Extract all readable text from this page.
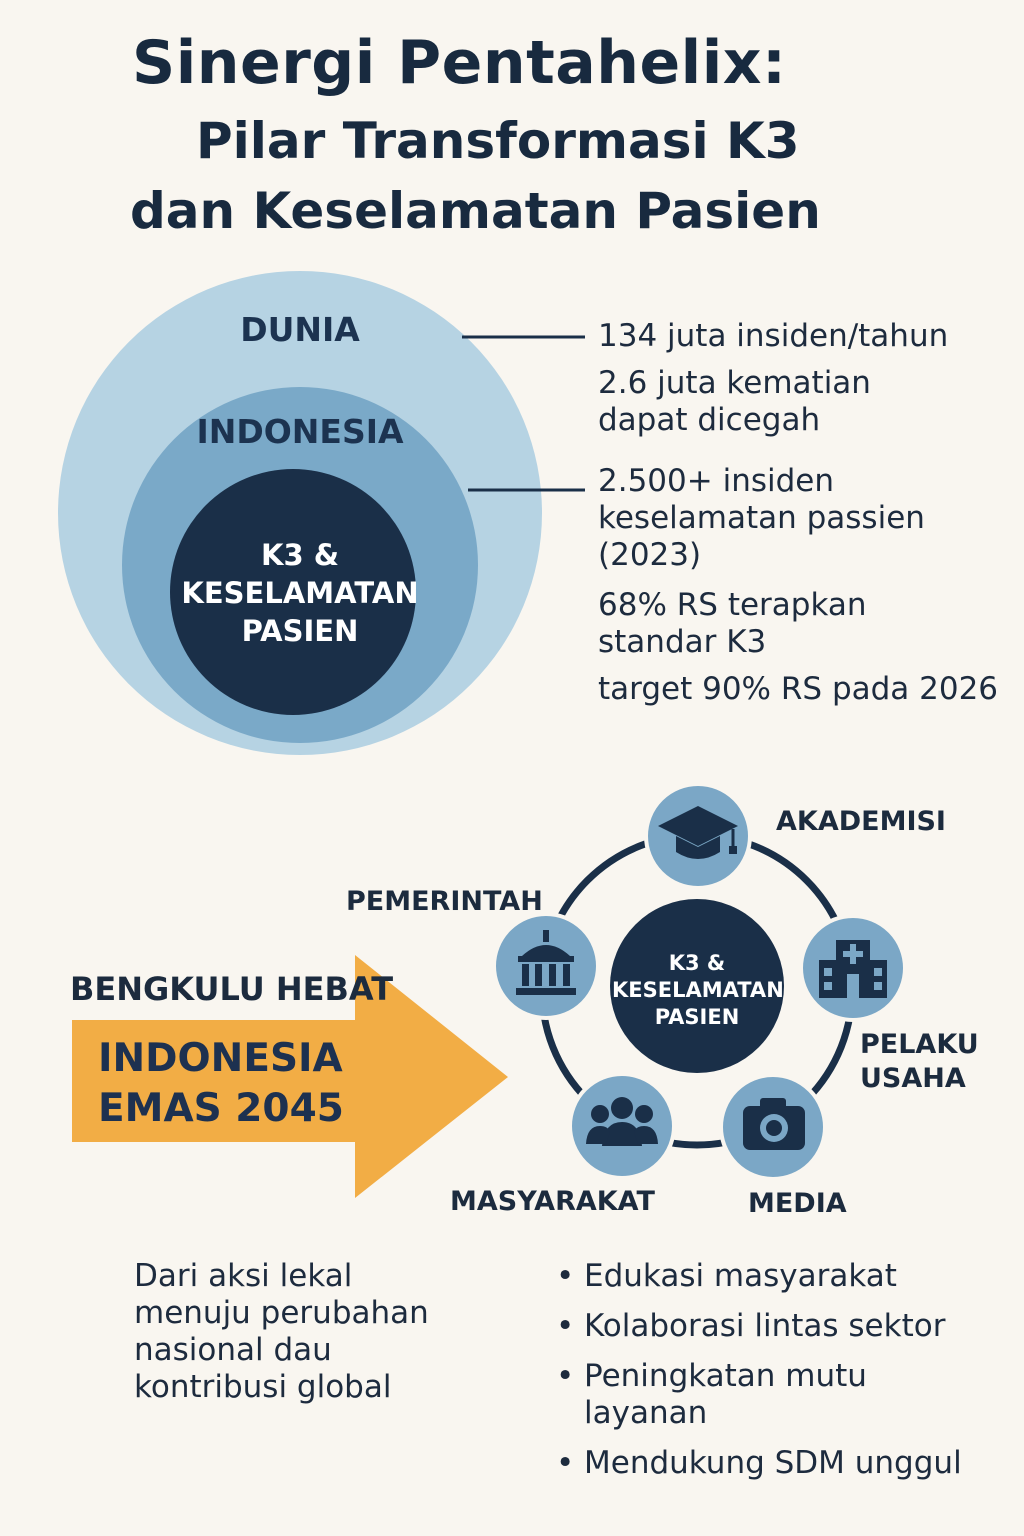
Sinergi Pentahelix:
Pilar Transformasi K3
dan Keselamatan Pasien
DUNIA
INDONESIA
K3 &
KESELAMATAN
PASIEN
134 juta insiden/tahun
2.6 juta kematian
dapat dicegah
2.500+ insiden
keselamatan passien
(2023)
68% RS terapkan
standar K3
target 90% RS pada 2026
BENGKULU HEBAT
INDONESIA
EMAS 2045
K3 &
KESELAMATAN
PASIEN
AKADEMISI
PEMERINTAH
PELAKU
USAHA
MASYARAKAT	MEDIA
Dari aksi lekal
menuju perubahan
nasional dau
kontribusi global
• Edukasi masyarakat
• Kolaborasi lintas sektor
• Peningkatan mutu
layanan
• Mendukung SDM unggul
